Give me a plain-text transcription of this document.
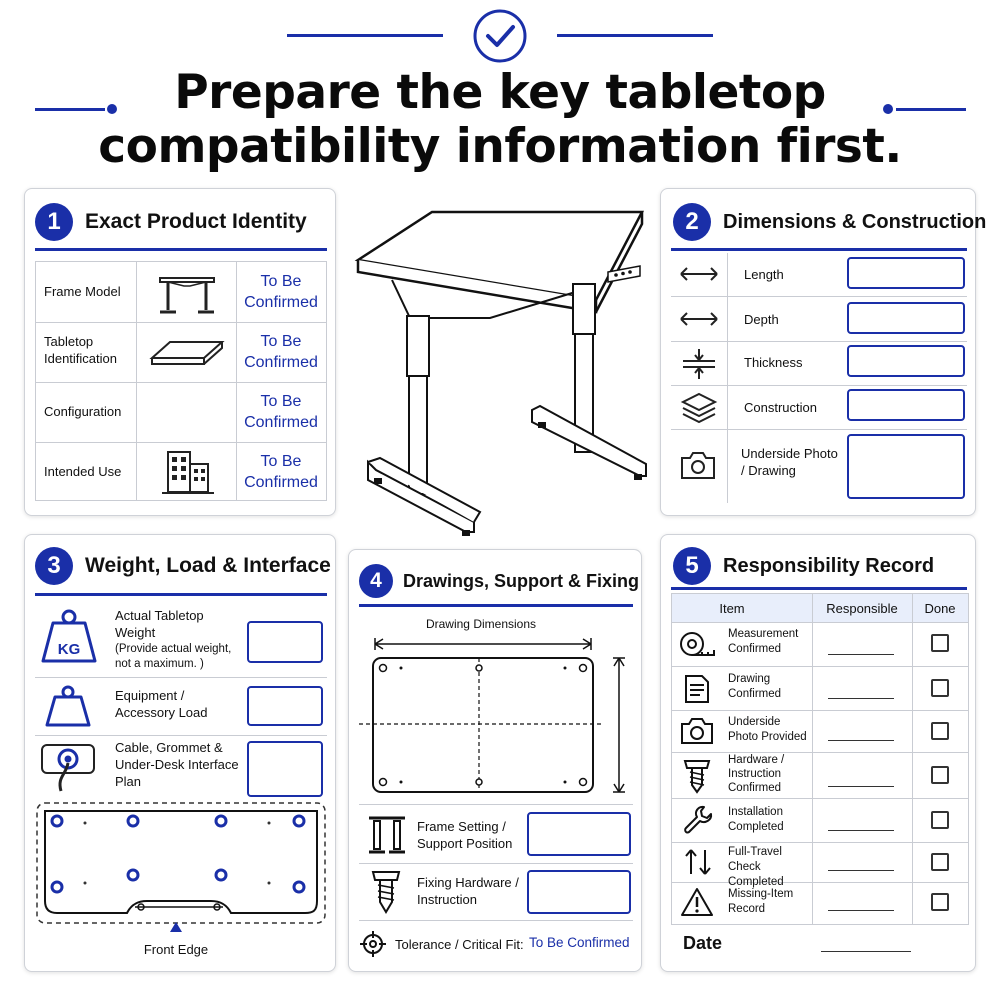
Prepare the key tabletop
compatibility information first.
1	Exact Product Identity
Frame Model
To Be Confirmed
Tabletop Identification
To Be Confirmed
Configuration
To Be Confirmed
Intended Use
To Be Confirmed
2	Dimensions & Construction
Length
Depth
Thickness
Construction
Underside Photo / Drawing
3	Weight, Load & Interface
KG
Actual Tabletop Weight
(Provide actual weight, not a maximum. )
Equipment / Accessory Load
Cable, Grommet & Under-Desk Interface Plan
Front Edge
4	Drawings, Support & Fixing
Drawing Dimensions
Frame Setting / Support Position
Fixing Hardware / Instruction
Tolerance / Critical Fit: To Be Confirmed
5	Responsibility Record
Item	Responsible	Done
Measurement Confirmed
Drawing Confirmed
Underside Photo Provided
Hardware / Instruction Confirmed
Installation Completed
Full-Travel Check Completed
Missing-Item Record
Date
